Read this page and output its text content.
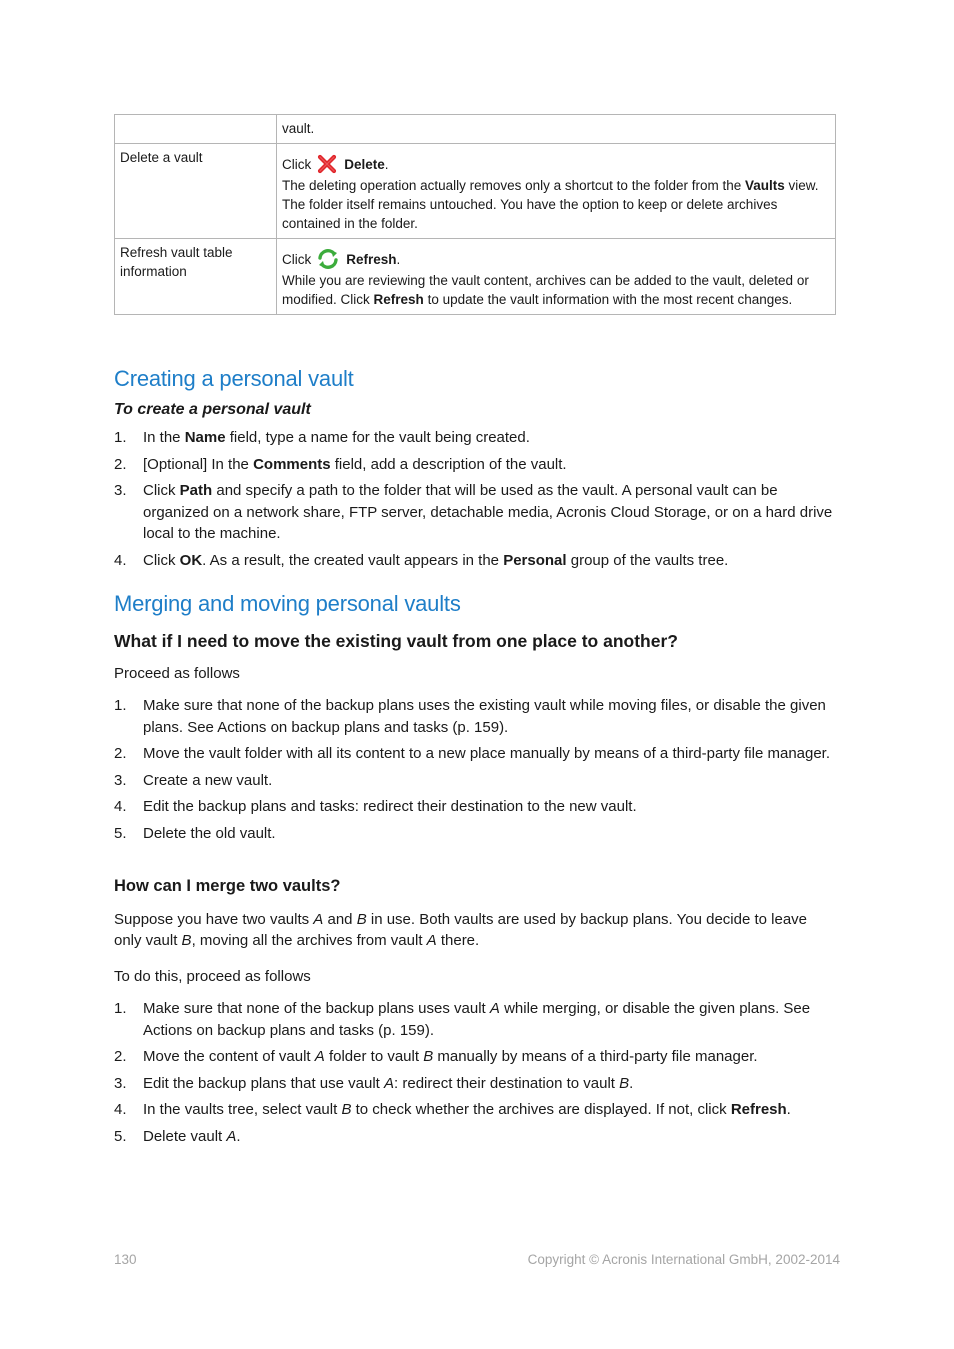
	vault.
Delete a vault	Click Delete .

The deleting operation actually removes only a shortcut to the folder from the Vaults view. The folder itself remains untouched. You have the option to keep or delete archives contained in the folder.

Refresh vault table information	Click Refresh .

While you are reviewing the vault content, archives can be added to the vault, deleted or modified. Click Refresh to update the vault information with the most recent changes.

Creating a personal vault
To create a personal vault
1. In the Name field, type a name for the vault being created.
2. [Optional] In the Comments field, add a description of the vault.
3. Click Path and specify a path to the folder that will be used as the vault. A personal vault can be organized on a network share, FTP server, detachable media, Acronis Cloud Storage, or on a hard drive local to the machine.
4. Click OK. As a result, the created vault appears in the Personal group of the vaults tree.
Merging and moving personal vaults
What if I need to move the existing vault from one place to another?

Proceed as follows

1. Make sure that none of the backup plans uses the existing vault while moving files, or disable the given plans. See Actions on backup plans and tasks (p. 159).
2. Move the vault folder with all its content to a new place manually by means of a third-party file manager.
3. Create a new vault.
4. Edit the backup plans and tasks: redirect their destination to the new vault.
5. Delete the old vault.
How can I merge two vaults?

Suppose you have two vaults A and B in use. Both vaults are used by backup plans. You decide to leave only vault B, moving all the archives from vault A there.

To do this, proceed as follows

1. Make sure that none of the backup plans uses vault A while merging, or disable the given plans. See Actions on backup plans and tasks (p. 159).
2. Move the content of vault A folder to vault B manually by means of a third-party file manager.
3. Edit the backup plans that use vault A: redirect their destination to vault B.
4. In the vaults tree, select vault B to check whether the archives are displayed. If not, click Refresh.
5. Delete vault A.
130	Copyright © Acronis International GmbH, 2002-2014
